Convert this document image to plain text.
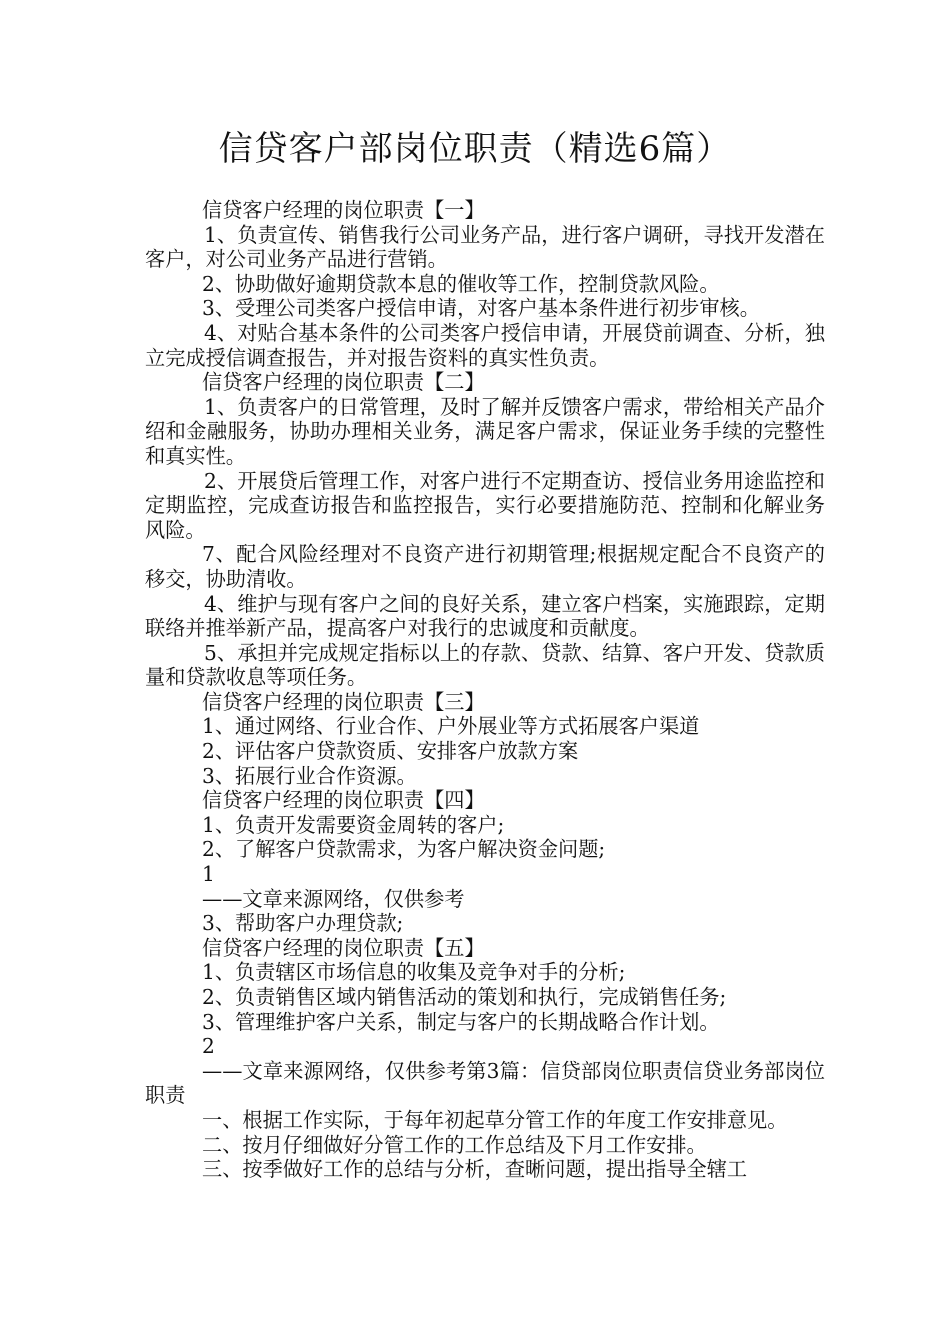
信贷客户部岗位职责（精选6篇）

信贷客户经理的岗位职责【一】

1、负责宣传、销售我行公司业务产品，进行客户调研，寻找开发潜在客户，对公司业务产品进行营销。

2、协助做好逾期贷款本息的催收等工作，控制贷款风险。

3、受理公司类客户授信申请，对客户基本条件进行初步审核。

4、对贴合基本条件的公司类客户授信申请，开展贷前调查、分析，独立完成授信调查报告，并对报告资料的真实性负责。

信贷客户经理的岗位职责【二】

1、负责客户的日常管理，及时了解并反馈客户需求，带给相关产品介绍和金融服务，协助办理相关业务，满足客户需求，保证业务手续的完整性和真实性。

2、开展贷后管理工作，对客户进行不定期查访、授信业务用途监控和定期监控，完成查访报告和监控报告，实行必要措施防范、控制和化解业务风险。

7、配合风险经理对不良资产进行初期管理;根据规定配合不良资产的移交，协助清收。

4、维护与现有客户之间的良好关系，建立客户档案，实施跟踪，定期联络并推举新产品，提高客户对我行的忠诚度和贡献度。

5、承担并完成规定指标以上的存款、贷款、结算、客户开发、贷款质量和贷款收息等项任务。

信贷客户经理的岗位职责【三】

1、通过网络、行业合作、户外展业等方式拓展客户渠道

2、评估客户贷款资质、安排客户放款方案

3、拓展行业合作资源。

信贷客户经理的岗位职责【四】

1、负责开发需要资金周转的客户;

2、了解客户贷款需求，为客户解决资金问题;

1

——文章来源网络，仅供参考

3、帮助客户办理贷款;

信贷客户经理的岗位职责【五】

1、负责辖区市场信息的收集及竞争对手的分析;

2、负责销售区域内销售活动的策划和执行，完成销售任务;

3、管理维护客户关系，制定与客户的长期战略合作计划。

2

——文章来源网络，仅供参考第3篇：信贷部岗位职责信贷业务部岗位职责

一、根据工作实际，于每年初起草分管工作的年度工作安排意见。

二、按月仔细做好分管工作的工作总结及下月工作安排。

三、按季做好工作的总结与分析，查晰问题，提出指导全辖工
